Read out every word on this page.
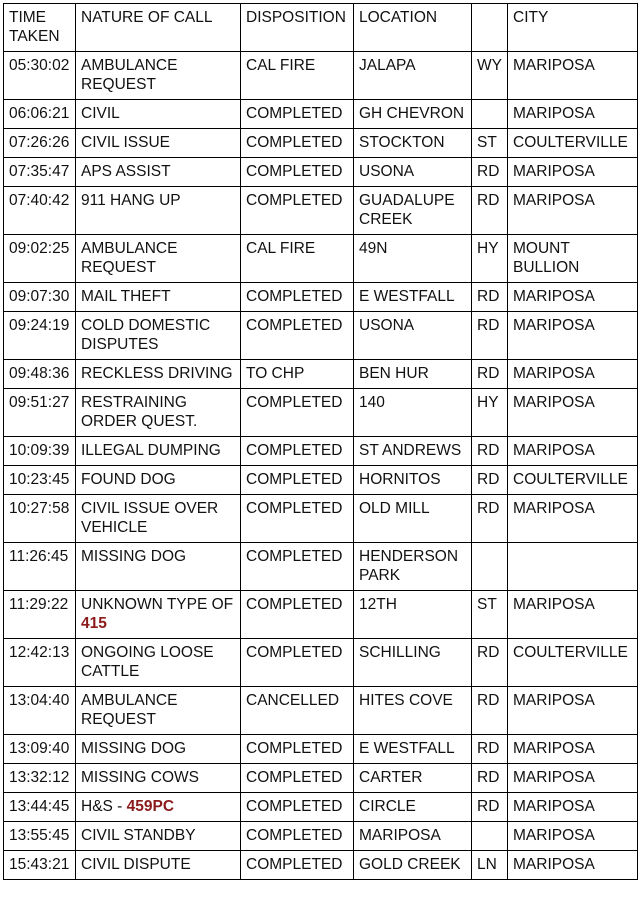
TIME TAKEN	NATURE OF CALL	DISPOSITION	LOCATION		CITY
05:30:02	AMBULANCE REQUEST	CAL FIRE	JALAPA	WY	MARIPOSA
06:06:21	CIVIL	COMPLETED	GH CHEVRON		MARIPOSA
07:26:26	CIVIL ISSUE	COMPLETED	STOCKTON	ST	COULTERVILLE
07:35:47	APS ASSIST	COMPLETED	USONA	RD	MARIPOSA
07:40:42	911 HANG UP	COMPLETED	GUADALUPE CREEK	RD	MARIPOSA
09:02:25	AMBULANCE REQUEST	CAL FIRE	49N	HY	MOUNT BULLION
09:07:30	MAIL THEFT	COMPLETED	E WESTFALL	RD	MARIPOSA
09:24:19	COLD DOMESTIC DISPUTES	COMPLETED	USONA	RD	MARIPOSA
09:48:36	RECKLESS DRIVING	TO CHP	BEN HUR	RD	MARIPOSA
09:51:27	RESTRAINING ORDER QUEST.	COMPLETED	140	HY	MARIPOSA
10:09:39	ILLEGAL DUMPING	COMPLETED	ST ANDREWS	RD	MARIPOSA
10:23:45	FOUND DOG	COMPLETED	HORNITOS	RD	COULTERVILLE
10:27:58	CIVIL ISSUE OVER VEHICLE	COMPLETED	OLD MILL	RD	MARIPOSA
11:26:45	MISSING DOG	COMPLETED	HENDERSON PARK		
11:29:22	UNKNOWN TYPE OF 415	COMPLETED	12TH	ST	MARIPOSA
12:42:13	ONGOING LOOSE CATTLE	COMPLETED	SCHILLING	RD	COULTERVILLE
13:04:40	AMBULANCE REQUEST	CANCELLED	HITES COVE	RD	MARIPOSA
13:09:40	MISSING DOG	COMPLETED	E WESTFALL	RD	MARIPOSA
13:32:12	MISSING COWS	COMPLETED	CARTER	RD	MARIPOSA
13:44:45	H&S - 459PC	COMPLETED	CIRCLE	RD	MARIPOSA
13:55:45	CIVIL STANDBY	COMPLETED	MARIPOSA		MARIPOSA
15:43:21	CIVIL DISPUTE	COMPLETED	GOLD CREEK	LN	MARIPOSA
